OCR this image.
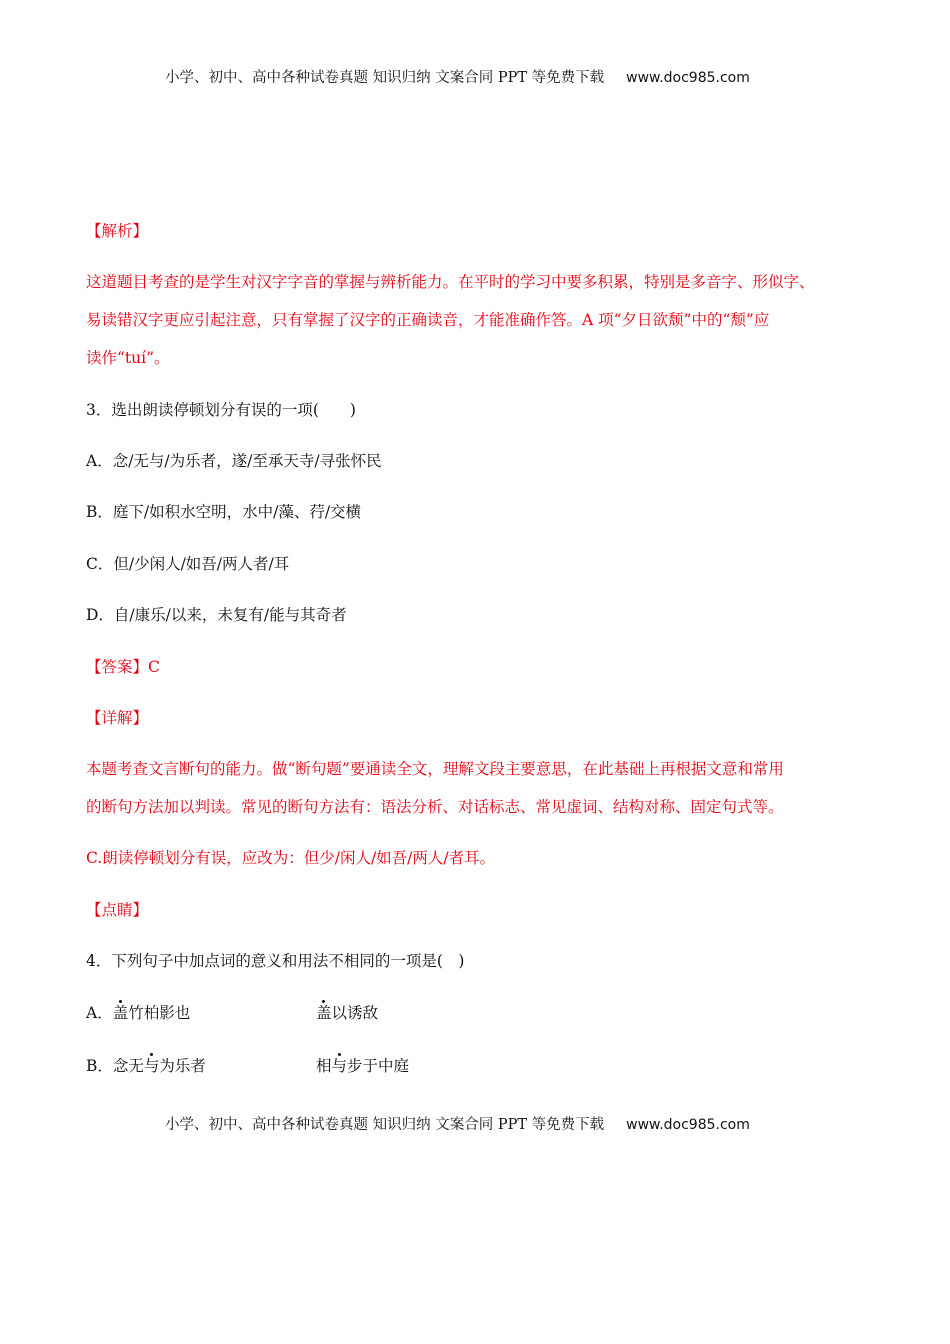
小学、初中、高中各种试卷真题 知识归纳 文案合同 PPT 等免费下载 www.doc985.com
【解析】
这道题目考查的是学生对汉字字音的掌握与辨析能力。在平时的学习中要多积累，特别是多音字、形似字、
易读错汉字更应引起注意，只有掌握了汉字的正确读音，才能准确作答。A 项“夕日欲颓”中的“颓”应
读作“tuí”。
3．选出朗读停顿划分有误的一项(　　)
A．念/无与/为乐者，遂/至承天寺/寻张怀民
B．庭下/如积水空明，水中/藻、荇/交横
C．但/少闲人/如吾/两人者/耳
D．自/康乐/以来，未复有/能与其奇者
【答案】C
【详解】
本题考查文言断句的能力。做“断句题”要通读全文，理解文段主要意思，在此基础上再根据文意和常用
的断句方法加以判读。常见的断句方法有：语法分析、对话标志、常见虚词、结构对称、固定句式等。
C.朗读停顿划分有误，应改为：但少/闲人/如吾/两人/者耳。
【点睛】
4．下列句子中加点词的意义和用法不相同的一项是(　)
A．盖竹柏影也	盖以诱敌
B．念无与为乐者	相与步于中庭
小学、初中、高中各种试卷真题 知识归纳 文案合同 PPT 等免费下载 www.doc985.com
